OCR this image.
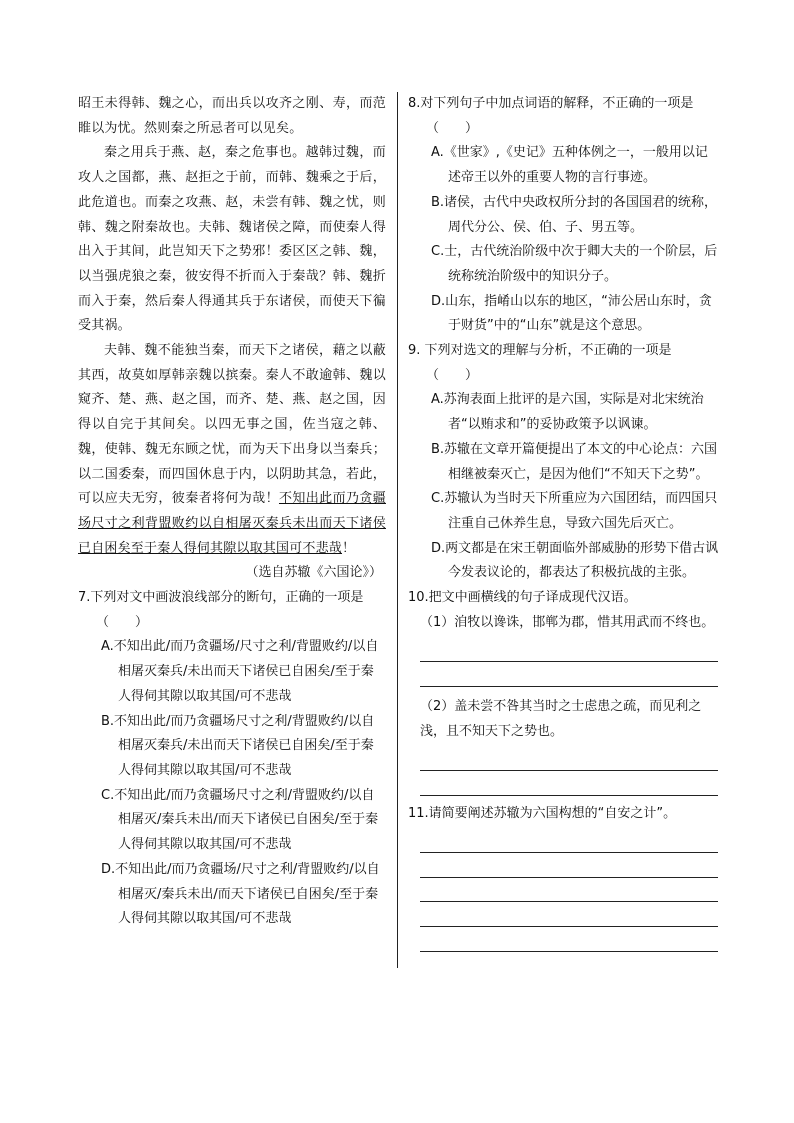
昭王未得韩、魏之心，而出兵以攻齐之刚、寿，而范睢以为忧。然则秦之所忌者可以见矣。

秦之用兵于燕、赵，秦之危事也。越韩过魏，而攻人之国都，燕、赵拒之于前，而韩、魏乘之于后，此危道也。而秦之攻燕、赵，未尝有韩、魏之忧，则韩、魏之附秦故也。夫韩、魏诸侯之障，而使秦人得出入于其间，此岂知天下之势邪！委区区之韩、魏，以当强虎狼之秦，彼安得不折而入于秦哉？韩、魏折而入于秦，然后秦人得通其兵于东诸侯，而使天下徧受其祸。

夫韩、魏不能独当秦，而天下之诸侯，藉之以蔽其西，故莫如厚韩亲魏以摈秦。秦人不敢逾韩、魏以窥齐、楚、燕、赵之国，而齐、楚、燕、赵之国，因得以自完于其间矣。以四无事之国，佐当寇之韩、魏，使韩、魏无东顾之忧，而为天下出身以当秦兵；以二国委秦，而四国休息于内，以阴助其急，若此，可以应夫无穷，彼秦者将何为哉！不知出此而乃贪疆场尺寸之利背盟败约以自相屠灭秦兵未出而天下诸侯已自困矣至于秦人得伺其隙以取其国可不悲哉！

（选自苏辙《六国论》）

7.下列对文中画波浪线部分的断句，正确的一项是
（　　）

A.不知出此/而乃贪疆场/尺寸之利/背盟败约/以自相屠灭秦兵/未出而天下诸侯已自困矣/至于秦人得伺其隙以取其国/可不悲哉

B.不知出此/而乃贪疆场尺寸之利/背盟败约/以自相屠灭秦兵/未出而天下诸侯已自困矣/至于秦人得伺其隙以取其国/可不悲哉

C.不知出此/而乃贪疆场尺寸之利/背盟败约/以自相屠灭/秦兵未出/而天下诸侯已自困矣/至于秦人得伺其隙以取其国/可不悲哉

D.不知出此/而乃贪疆场/尺寸之利/背盟败约/以自相屠灭/秦兵未出/而天下诸侯已自困矣/至于秦人得伺其隙以取其国/可不悲哉

8.对下列句子中加点词语的解释，不正确的一项是
（　　）

A.《世家》,《史记》五种体例之一，一般用以记述帝王以外的重要人物的言行事迹。

B.诸侯，古代中央政权所分封的各国国君的统称，周代分公、侯、伯、子、男五等。

C.士，古代统治阶级中次于卿大夫的一个阶层，后统称统治阶级中的知识分子。

D.山东，指崤山以东的地区，“沛公居山东时，贪于财货”中的“山东”就是这个意思。

9. 下列对选文的理解与分析，不正确的一项是
（　　）

A.苏洵表面上批评的是六国，实际是对北宋统治者“以贿求和”的妥协政策予以讽谏。

B.苏辙在文章开篇便提出了本文的中心论点：六国相继被秦灭亡，是因为他们“不知天下之势”。

C.苏辙认为当时天下所重应为六国团结，而四国只注重自己休养生息，导致六国先后灭亡。

D.两文都是在宋王朝面临外部威胁的形势下借古讽今发表议论的，都表达了积极抗战的主张。

10.把文中画横线的句子译成现代汉语。

（1）洎牧以谗诛，邯郸为郡，惜其用武而不终也。

（2）盖未尝不咎其当时之士虑患之疏，而见利之浅，且不知天下之势也。

11.请简要阐述苏辙为六国构想的“自安之计”。
